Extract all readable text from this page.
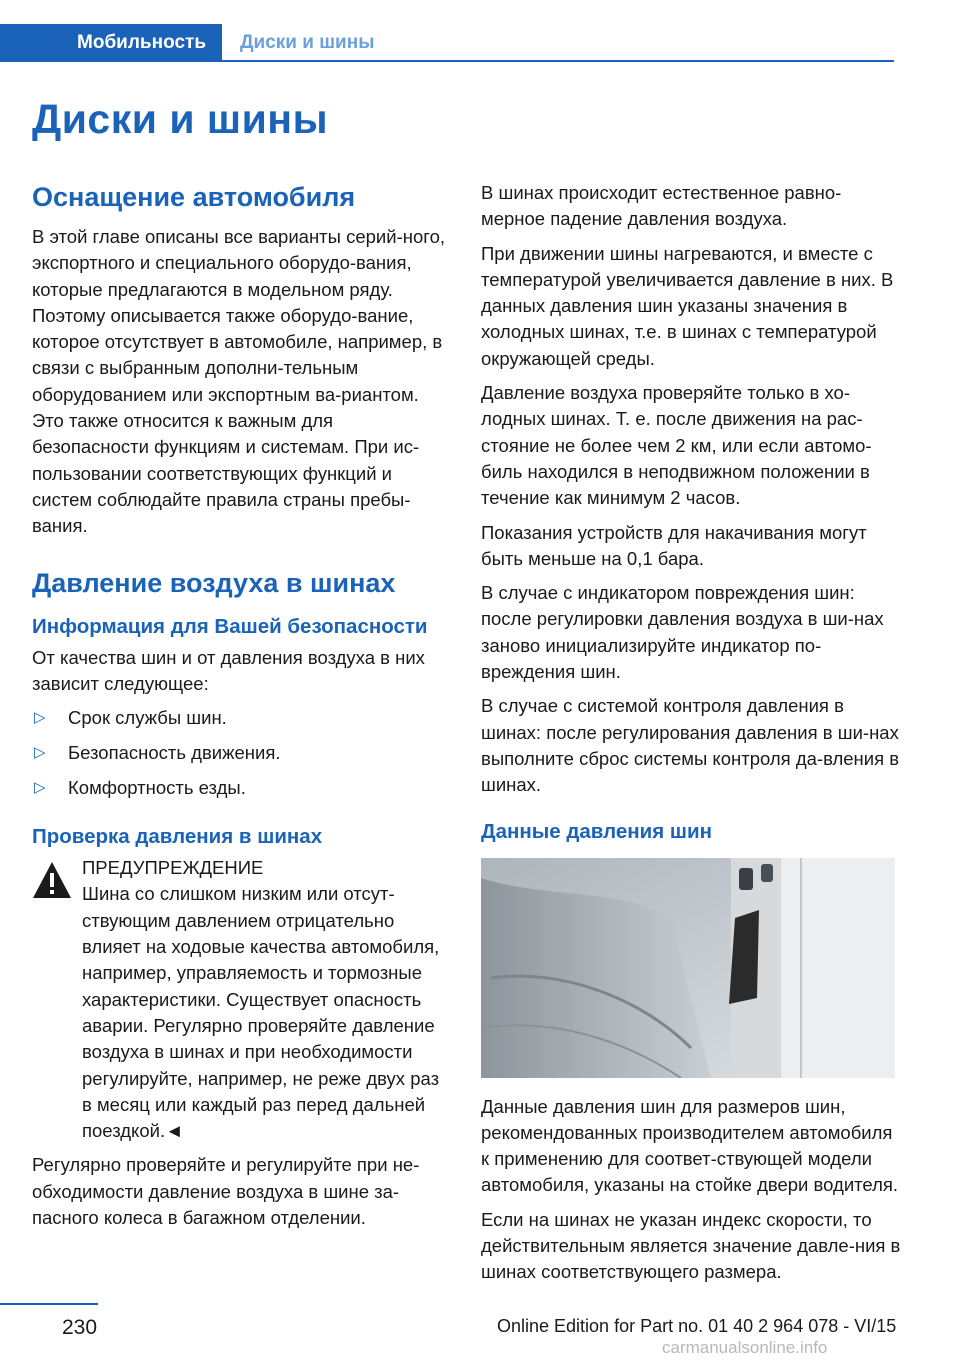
Мобильность Диски и шины
Диски и шины
Оснащение автомобиля

В этой главе описаны все варианты серий-ного, экспортного и специального оборудо-вания, которые предлагаются в модельном ряду. Поэтому описывается также оборудо-вание, которое отсутствует в автомобиле, например, в связи с выбранным дополни-тельным оборудованием или экспортным ва-риантом. Это также относится к важным для безопасности функциям и системам. При ис-пользовании соответствующих функций и систем соблюдайте правила страны пребы-вания.

Давление воздуха в шинах
Информация для Вашей безопасности

От качества шин и от давления воздуха в них зависит следующее:

▷	Срок службы шин.
▷	Безопасность движения.
▷	Комфортность езды.
Проверка давления в шинах
ПРЕДУПРЕЖДЕНИЕ

Шина со слишком низким или отсут-ствующим давлением отрицательно влияет на ходовые качества автомобиля, например, управляемость и тормозные характеристики. Существует опасность аварии. Регулярно проверяйте давление воздуха в шинах и при необходимости регулируйте, например, не реже двух раз в месяц или каждый раз перед дальней поездкой.◄

Регулярно проверяйте и регулируйте при не-обходимости давление воздуха в шине за-пасного колеса в багажном отделении.

В шинах происходит естественное равно-мерное падение давления воздуха.

При движении шины нагреваются, и вместе с температурой увеличивается давление в них. В данных давления шин указаны значения в холодных шинах, т.е. в шинах с температурой окружающей среды.

Давление воздуха проверяйте только в хо-лодных шинах. Т. е. после движения на рас-стояние не более чем 2 км, или если автомо-биль находился в неподвижном положении в течение как минимум 2 часов.

Показания устройств для накачивания могут быть меньше на 0,1 бара.

В случае с индикатором повреждения шин: после регулировки давления воздуха в ши-нах заново инициализируйте индикатор по-вреждения шин.

В случае с системой контроля давления в шинах: после регулирования давления в ши-нах выполните сброс системы контроля да-вления в шинах.

Данные давления шин

Данные давления шин для размеров шин, рекомендованных производителем автомобиля к применению для соответ-ствующей модели автомобиля, указаны на стойке двери водителя.

Если на шинах не указан индекс скорости, то действительным является значение давле-ния в шинах соответствующего размера.

230	Online Edition for Part no. 01 40 2 964 078 - VI/15
carmanualsonline.info
